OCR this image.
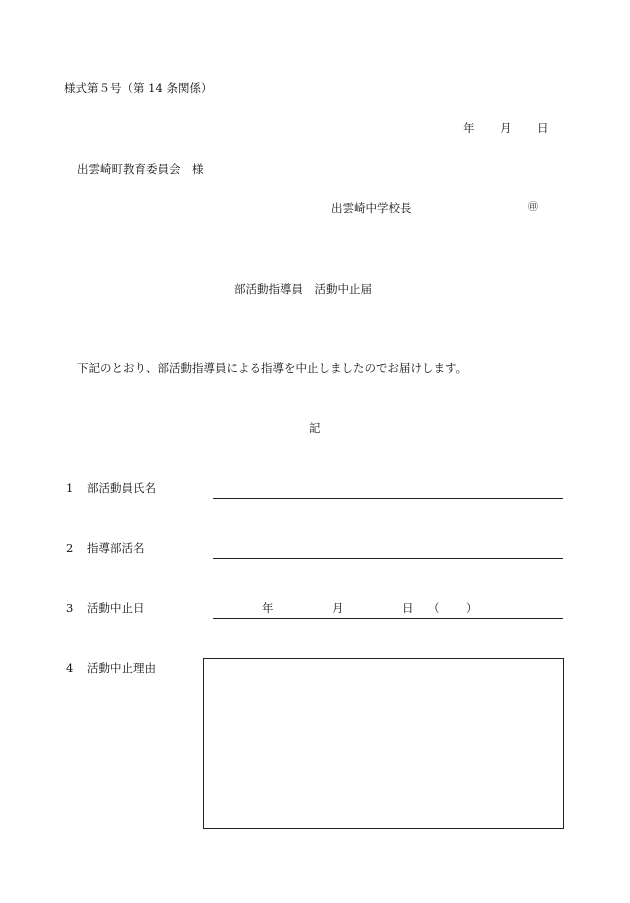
様式第５号（第 14 条関係）
年 月 日
出雲崎町教育委員会　様
出雲崎中学校長	㊞
部活動指導員　活動中止届
下記のとおり、部活動指導員による指導を中止しましたのでお届けします。
記
1 部活動員氏名
2 指導部活名
3 活動中止日	年	月	日 （ ）
4 活動中止理由
